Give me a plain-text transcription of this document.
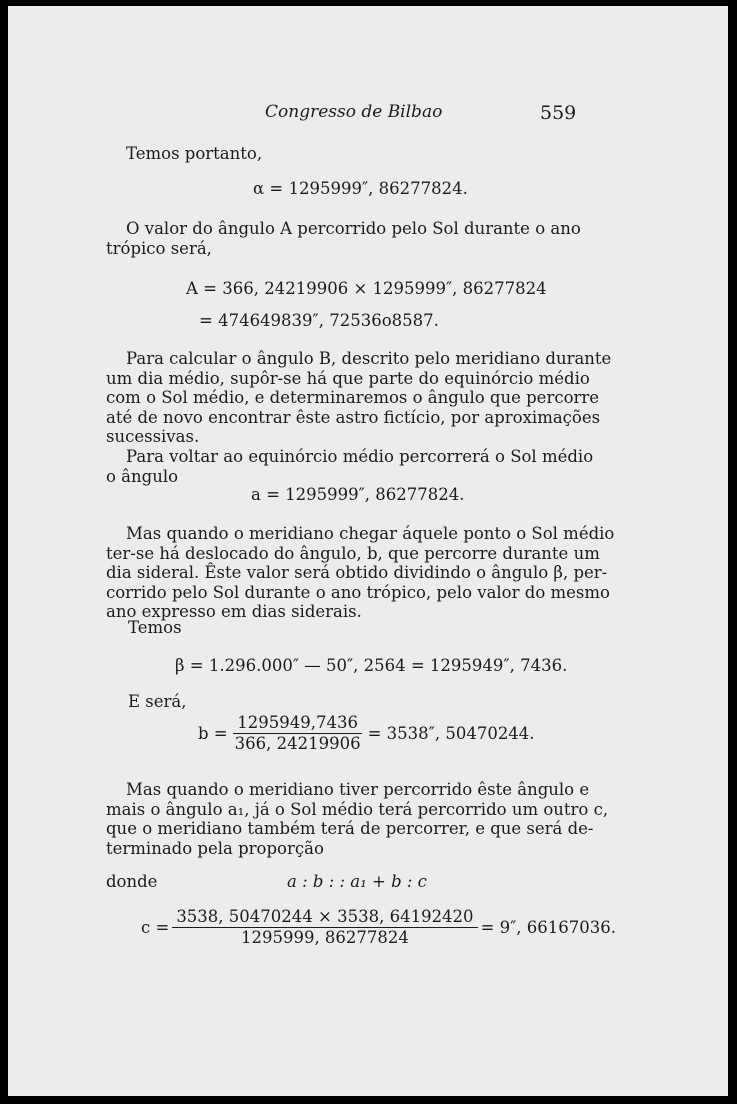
Congresso de Bilbao	559
Temos portanto,
α = 1295999″, 86277824.
O valor do ângulo A percorrido pelo Sol durante o ano
trópico será,
A = 366, 24219906 × 1295999″, 86277824
= 474649839″, 72536o8587.
Para calcular o ângulo B, descrito pelo meridiano durante
um dia médio, supôr-se há que parte do equinórcio médio
com o Sol médio, e determinaremos o ângulo que percorre
até de novo encontrar êste astro fictício, por aproximações
sucessivas.
Para voltar ao equinórcio médio percorrerá o Sol médio
o ângulo
a = 1295999″, 86277824.
Mas quando o meridiano chegar áquele ponto o Sol médio
ter-se há deslocado do ângulo, b, que percorre durante um
dia sideral. Êste valor será obtido dividindo o ângulo β, per-
corrido pelo Sol durante o ano trópico, pelo valor do mesmo
ano expresso em dias siderais.
Temos
β = 1.296.000″ — 50″, 2564 = 1295949″, 7436.
E será,
$b = \frac{1295949,7436}{366, 24219906} = 3538''$, 50470244.
Mas quando o meridiano tiver percorrido êste ângulo e
mais o ângulo a₁, já o Sol médio terá percorrido um outro c,
que o meridiano também terá de percorrer, e que será de-
terminado pela proporção
donde	a : b : : a₁ + b : c
$c = \frac{3538, 50470244 \times 3538, 64192420}{1295999, 86277824} = 9''$, 66167036.
